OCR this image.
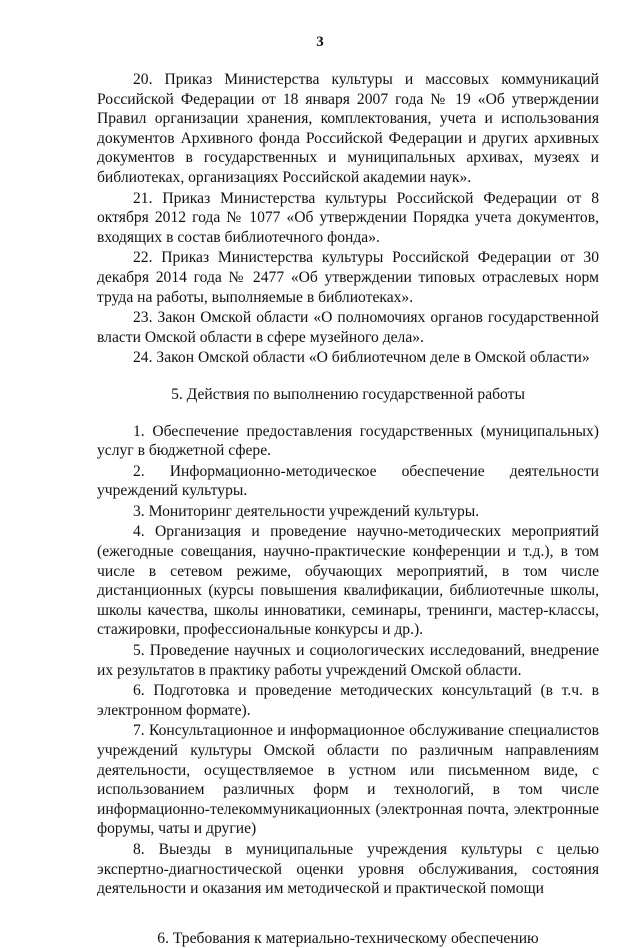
3

20. Приказ Министерства культуры и массовых коммуникаций Российской Федерации от 18 января 2007 года № 19 «Об утверждении Правил организации хранения, комплектования, учета и использования документов Архивного фонда Российской Федерации и других архивных документов в государственных и муниципальных архивах, музеях и библиотеках, организациях Российской академии наук».

21. Приказ Министерства культуры Российской Федерации от 8 октября 2012 года № 1077 «Об утверждении Порядка учета документов, входящих в состав библиотечного фонда».

22. Приказ Министерства культуры Российской Федерации от 30 декабря 2014 года № 2477 «Об утверждении типовых отраслевых норм труда на работы, выполняемые в библиотеках».

23. Закон Омской области «О полномочиях органов государственной власти Омской области в сфере музейного дела».

24. Закон Омской области «О библиотечном деле в Омской области»

5. Действия по выполнению государственной работы

1. Обеспечение предоставления государственных (муниципальных) услуг в бюджетной сфере.

2. Информационно-методическое обеспечение деятельности учреждений культуры.

3. Мониторинг деятельности учреждений культуры.

4. Организация и проведение научно-методических мероприятий (ежегодные совещания, научно-практические конференции и т.д.), в том числе в сетевом режиме, обучающих мероприятий, в том числе дистанционных (курсы повышения квалификации, библиотечные школы, школы качества, школы инноватики, семинары, тренинги, мастер-классы, стажировки, профессиональные конкурсы и др.).

5. Проведение научных и социологических исследований, внедрение их результатов в практику работы учреждений Омской области.

6. Подготовка и проведение методических консультаций (в т.ч. в электронном формате).

7. Консультационное и информационное обслуживание специалистов учреждений культуры Омской области по различным направлениям деятельности, осуществляемое в устном или письменном виде, с использованием различных форм и технологий, в том числе информационно-телекоммуникационных (электронная почта, электронные форумы, чаты и другие)

8. Выезды в муниципальные учреждения культуры с целью экспертно-диагностической оценки уровня обслуживания, состояния деятельности и оказания им методической и практической помощи

6. Требования к материально-техническому обеспечению
